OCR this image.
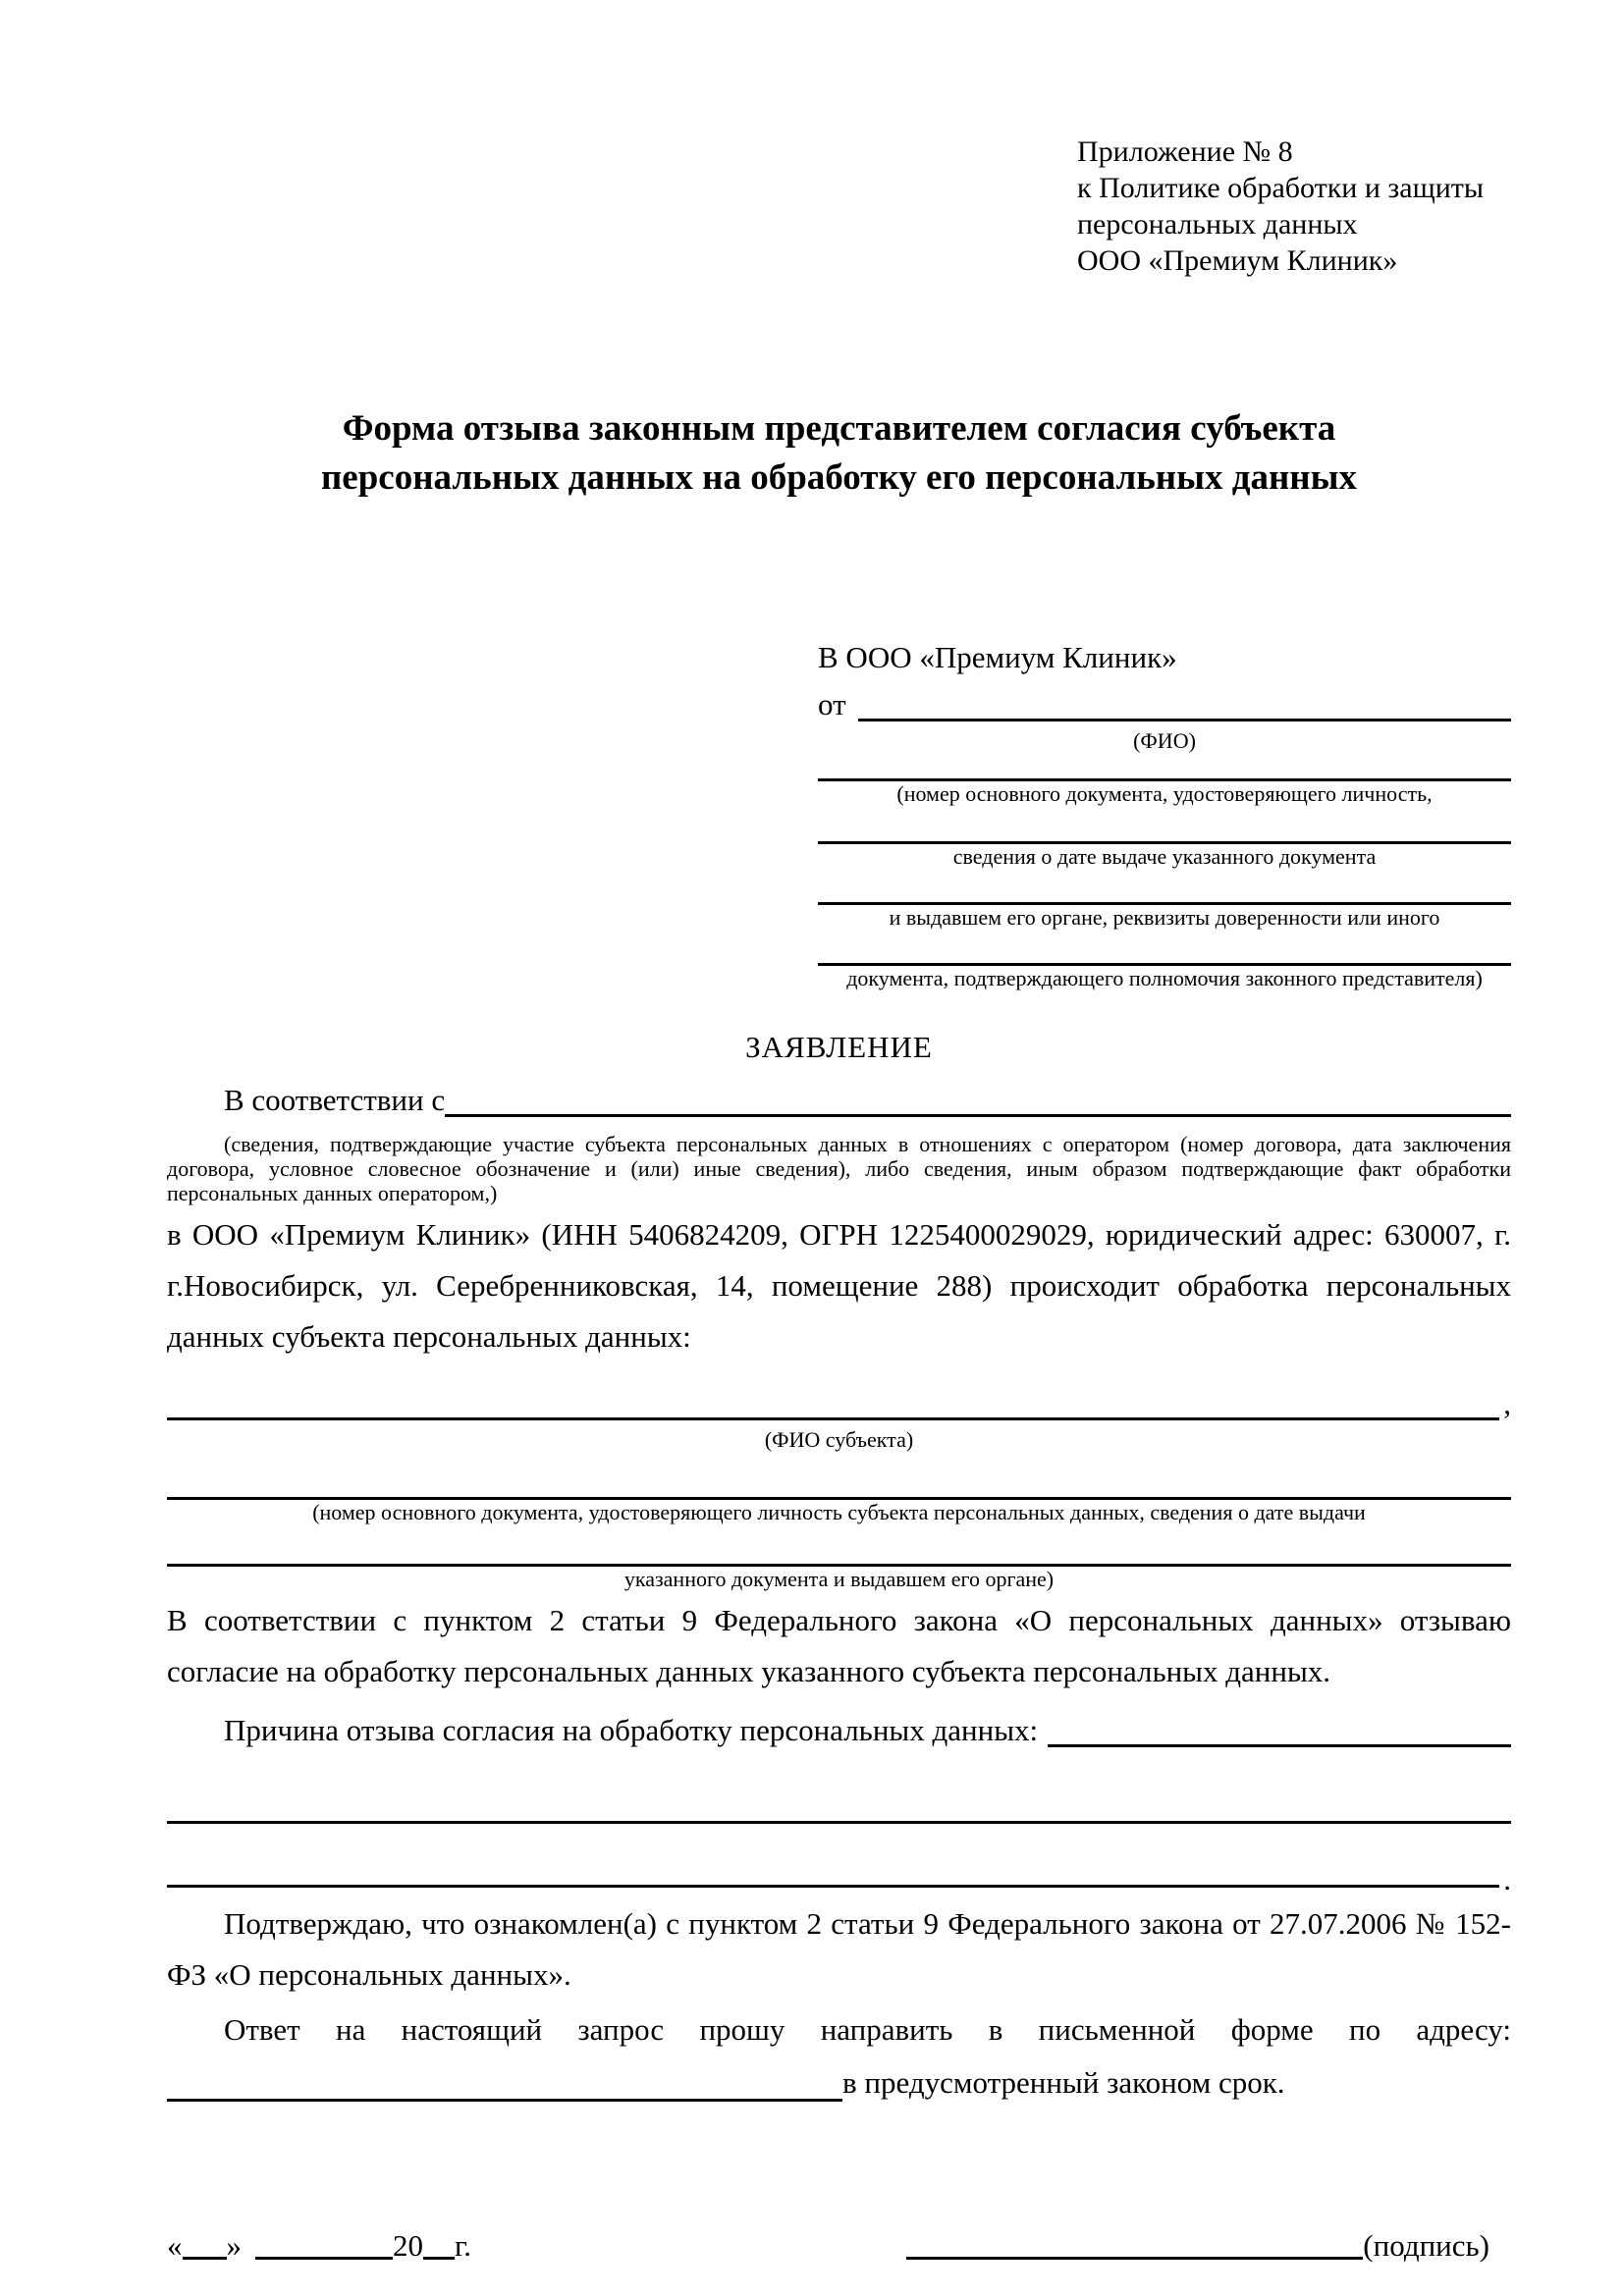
Приложение № 8
к Политике обработки и защиты
персональных данных
ООО «Премиум Клиник»
Форма отзыва законным представителем согласия субъекта персональных данных на обработку его персональных данных
В ООО «Премиум Клиник»
от
(ФИО)
(номер основного документа, удостоверяющего личность,
сведения о дате выдаче указанного документа
и выдавшем его органе, реквизиты доверенности или иного
документа, подтверждающего полномочия законного представителя)
ЗАЯВЛЕНИЕ
В соответствии с
(сведения, подтверждающие участие субъекта персональных данных в отношениях с оператором (номер договора, дата заключения договора, условное словесное обозначение и (или) иные сведения), либо сведения, иным образом подтверждающие факт обработки персональных данных оператором,)
в ООО «Премиум Клиник» (ИНН 5406824209, ОГРН 1225400029029, юридический адрес: 630007, г. г.Новосибирск, ул. Серебренниковская, 14, помещение 288) происходит обработка персональных данных субъекта персональных данных:
,
(ФИО субъекта)
(номер основного документа, удостоверяющего личность субъекта персональных данных, сведения о дате выдачи
указанного документа и выдавшем его органе)
В соответствии с пунктом 2 статьи 9 Федерального закона «О персональных данных» отзываю согласие на обработку персональных данных указанного субъекта персональных данных.
Причина отзыва согласия на обработку персональных данных:
.
Подтверждаю, что ознакомлен(а) с пунктом 2 статьи 9 Федерального закона от 27.07.2006 № 152-ФЗ «О персональных данных».
Ответ на настоящий запрос прошу направить в письменной форме по адресу:
в предусмотренный законом срок.
« »	20 г.	(подпись)
